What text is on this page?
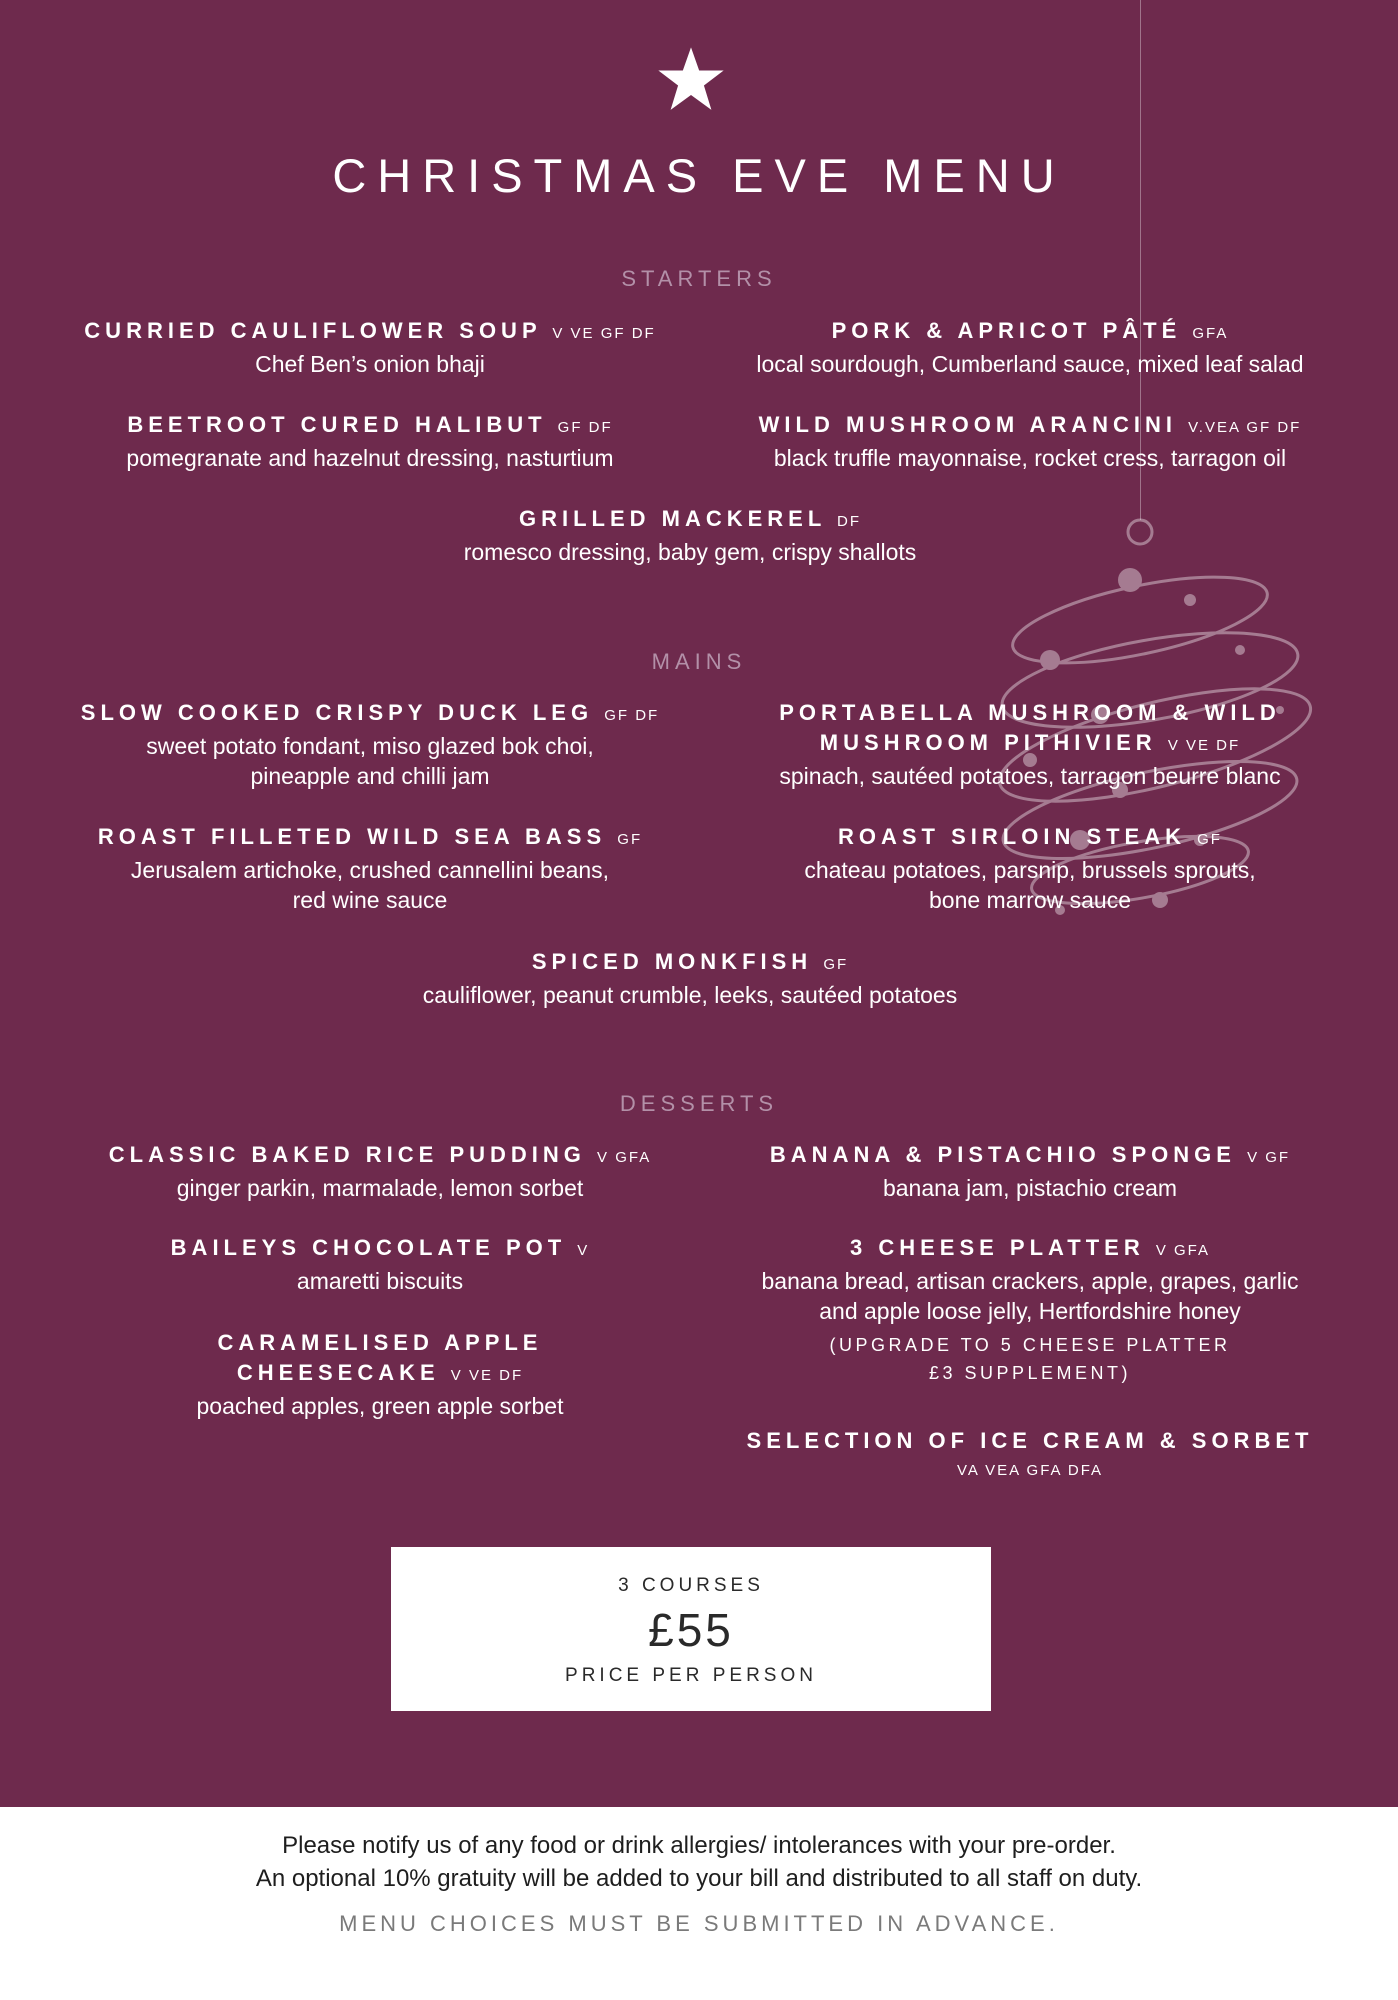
CHRISTMAS EVE MENU
STARTERS
CURRIED CAULIFLOWER SOUP V VE GF DF
Chef Ben’s onion bhaji
PORK & APRICOT PÂTÉ GFA
local sourdough, Cumberland sauce, mixed leaf salad
BEETROOT CURED HALIBUT GF DF
pomegranate and hazelnut dressing, nasturtium
WILD MUSHROOM ARANCINI V.VEA GF DF
black truffle mayonnaise, rocket cress, tarragon oil
GRILLED MACKEREL DF
romesco dressing, baby gem, crispy shallots
MAINS
SLOW COOKED CRISPY DUCK LEG GF DF
sweet potato fondant, miso glazed bok choi,
pineapple and chilli jam
PORTABELLA MUSHROOM & WILD
MUSHROOM PITHIVIER V VE DF
spinach, sautéed potatoes, tarragon beurre blanc
ROAST FILLETED WILD SEA BASS GF
Jerusalem artichoke, crushed cannellini beans,
red wine sauce
ROAST SIRLOIN STEAK GF
chateau potatoes, parsnip, brussels sprouts,
bone marrow sauce
SPICED MONKFISH GF
cauliflower, peanut crumble, leeks, sautéed potatoes
DESSERTS
CLASSIC BAKED RICE PUDDING V GFA
ginger parkin, marmalade, lemon sorbet
BANANA & PISTACHIO SPONGE V GF
banana jam, pistachio cream
BAILEYS CHOCOLATE POT V
amaretti biscuits
3 CHEESE PLATTER V GFA
banana bread, artisan crackers, apple, grapes, garlic
and apple loose jelly, Hertfordshire honey
(UPGRADE TO 5 CHEESE PLATTER
£3 SUPPLEMENT)
CARAMELISED APPLE
CHEESECAKE V VE DF
poached apples, green apple sorbet
SELECTION OF ICE CREAM & SORBET
VA VEA GFA DFA
3 COURSES
£55
PRICE PER PERSON
Please notify us of any food or drink allergies/ intolerances with your pre-order.
An optional 10% gratuity will be added to your bill and distributed to all staff on duty.
MENU CHOICES MUST BE SUBMITTED IN ADVANCE.
